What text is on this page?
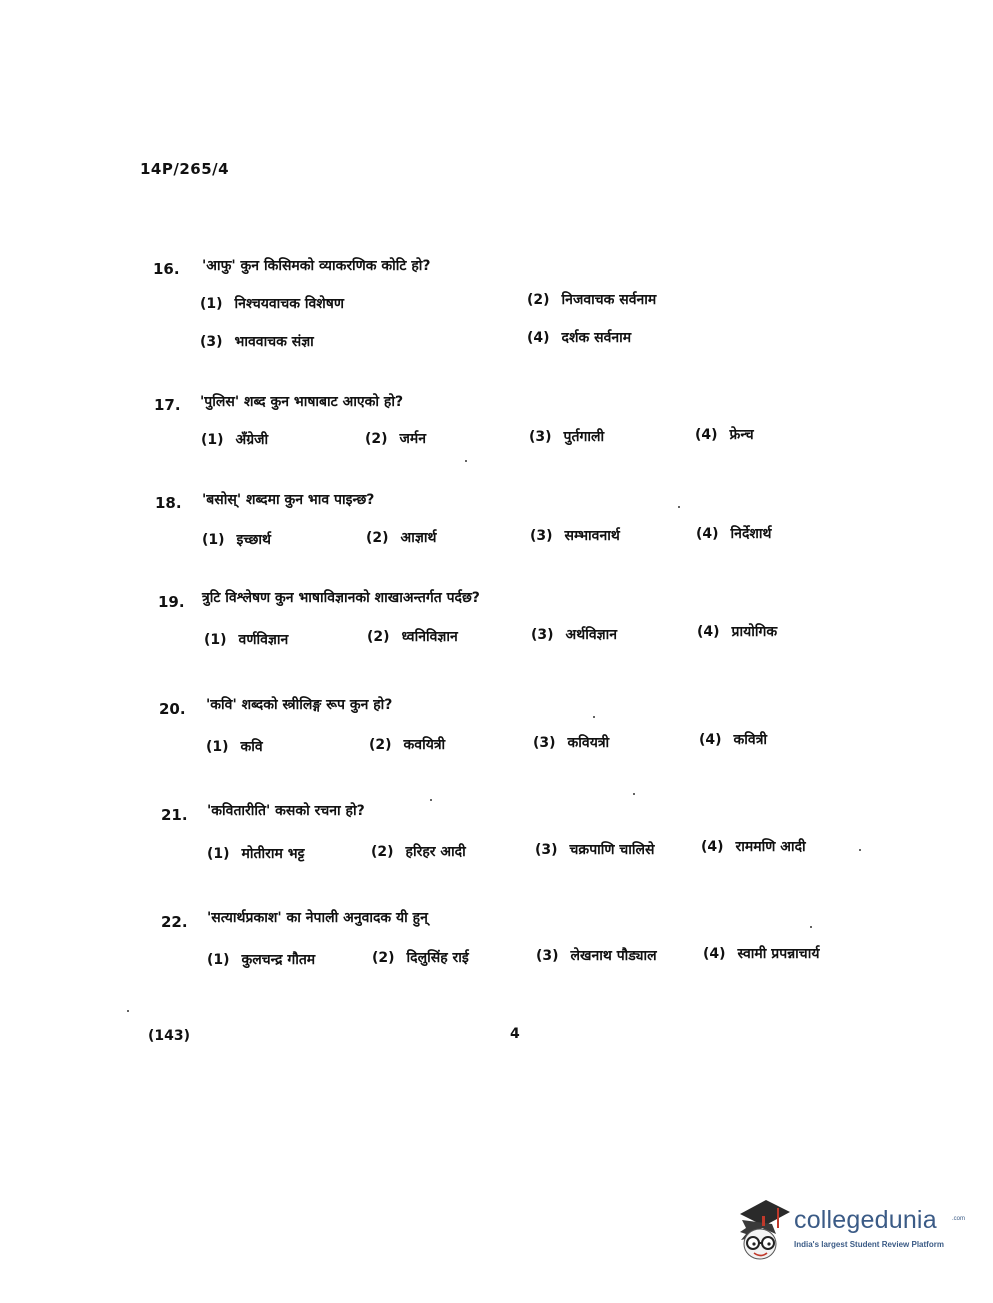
14P/265/4
16. 'आफु' कुन किसिमको व्याकरणिक कोटि हो?
(1) निश्चयवाचक विशेषण	(2) निजवाचक सर्वनाम
(3) भाववाचक संज्ञा	(4) दर्शक सर्वनाम
17. 'पुलिस' शब्द कुन भाषाबाट आएको हो?
(1) अँग्रेजी	(2) जर्मन	(3) पुर्तगाली	(4) फ्रेन्च
18. 'बसोस्' शब्दमा कुन भाव पाइन्छ?
(1) इच्छार्थ	(2) आज्ञार्थ	(3) सम्भावनार्थ	(4) निर्देशार्थ
19. त्रुटि विश्लेषण कुन भाषाविज्ञानको शाखाअन्तर्गत पर्दछ?
(1) वर्णविज्ञान	(2) ध्वनिविज्ञान	(3) अर्थविज्ञान	(4) प्रायोगिक
20. 'कवि' शब्दको स्त्रीलिङ्ग रूप कुन हो?
(1) कवि	(2) कवयित्री	(3) कवियत्री	(4) कवित्री
21. 'कवितारीति' कसको रचना हो?
(1) मोतीराम भट्ट	(2) हरिहर आदी	(3) चक्रपाणि चालिसे	(4) राममणि आदी
22. 'सत्यार्थप्रकाश' का नेपाली अनुवादक यी हुन्
(1) कुलचन्द्र गौतम	(2) दिलुसिंह राई	(3) लेखनाथ पौड्याल	(4) स्वामी प्रपन्नाचार्य
(143)	4
collegedunia	.com
India's largest Student Review Platform
